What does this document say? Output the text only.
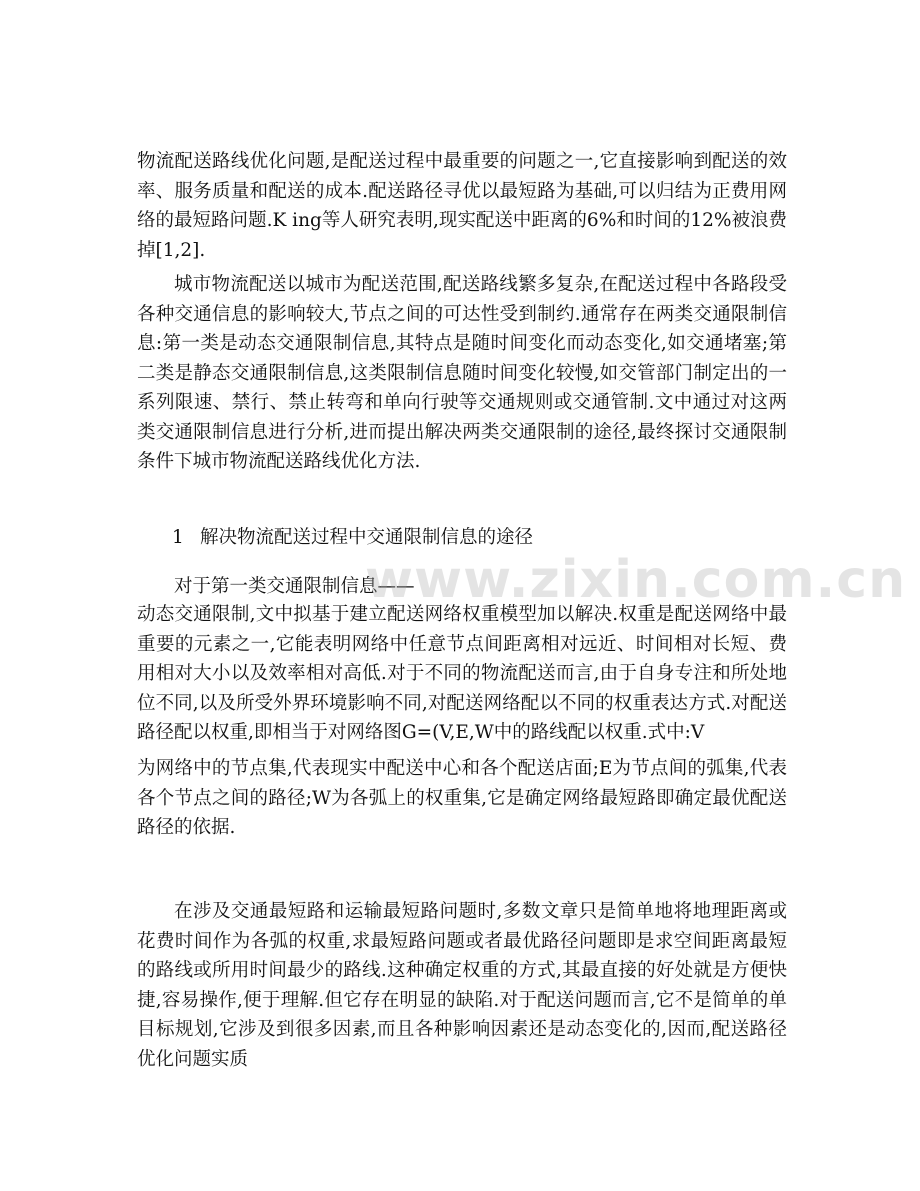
物流配送路线优化问题,是配送过程中最重要的问题之一,它直接影响到配送的效率、服务质量和配送的成本.配送路径寻优以最短路为基础,可以归结为正费用网络的最短路问题.K ing等人研究表明,现实配送中距离的6%和时间的12%被浪费掉[1,2].

城市物流配送以城市为配送范围,配送路线繁多复杂,在配送过程中各路段受各种交通信息的影响较大,节点之间的可达性受到制约.通常存在两类交通限制信息:第一类是动态交通限制信息,其特点是随时间变化而动态变化,如交通堵塞;第二类是静态交通限制信息,这类限制信息随时间变化较慢,如交管部门制定出的一系列限速、禁行、禁止转弯和单向行驶等交通规则或交通管制.文中通过对这两类交通限制信息进行分析,进而提出解决两类交通限制的途径,最终探讨交通限制条件下城市物流配送路线优化方法.

1 解决物流配送过程中交通限制信息的途径
对于第一类交通限制信息——

动态交通限制,文中拟基于建立配送网络权重模型加以解决.权重是配送网络中最重要的元素之一,它能表明网络中任意节点间距离相对远近、时间相对长短、费用相对大小以及效率相对高低.对于不同的物流配送而言,由于自身专注和所处地位不同,以及所受外界环境影响不同,对配送网络配以不同的权重表达方式.对配送路径配以权重,即相当于对网络图G=(V,E,W中的路线配以权重.式中:V

为网络中的节点集,代表现实中配送中心和各个配送店面;E为节点间的弧集,代表各个节点之间的路径;W为各弧上的权重集,它是确定网络最短路即确定最优配送路径的依据.

在涉及交通最短路和运输最短路问题时,多数文章只是简单地将地理距离或花费时间作为各弧的权重,求最短路问题或者最优路径问题即是求空间距离最短的路线或所用时间最少的路线.这种确定权重的方式,其最直接的好处就是方便快捷,容易操作,便于理解.但它存在明显的缺陷.对于配送问题而言,它不是简单的单目标规划,它涉及到很多因素,而且各种影响因素还是动态变化的,因而,配送路径优化问题实质

www.zixin.com.cn
